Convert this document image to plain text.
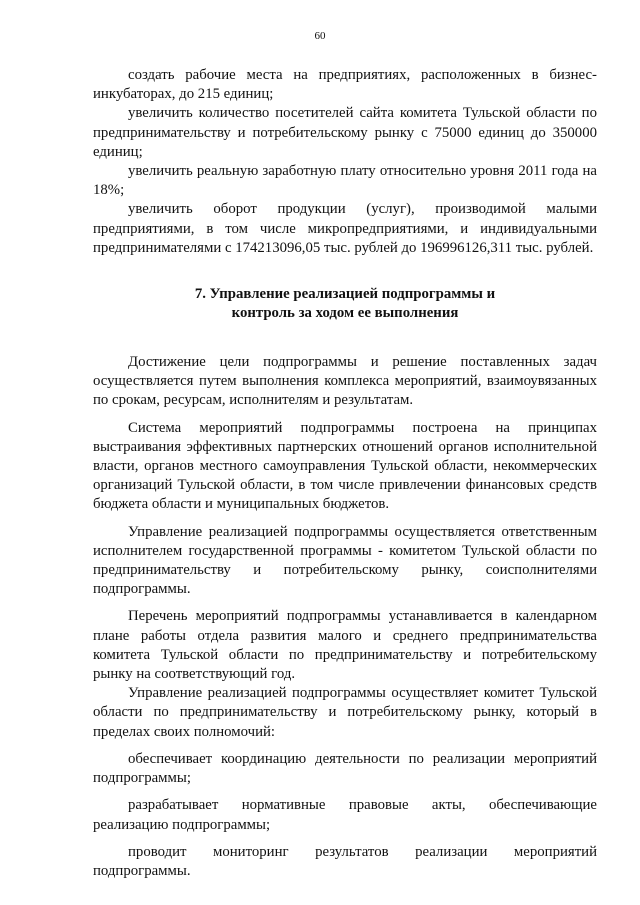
60

создать рабочие места на предприятиях, расположенных в бизнес-инкубаторах, до 215 единиц;

увеличить количество посетителей сайта комитета Тульской области по предпринимательству и потребительскому рынку с 75000 единиц до 350000 единиц;

увеличить реальную заработную плату относительно уровня 2011 года на 18%;

увеличить оборот продукции (услуг), производимой малыми предприятиями, в том числе микропредприятиями, и индивидуальными предпринимателями с 174213096,05 тыс. рублей до 196996126,311 тыс. рублей.

7. Управление реализацией подпрограммы и
контроль за ходом ее выполнения

Достижение цели подпрограммы и решение поставленных задач осуществляется путем выполнения комплекса мероприятий, взаимоувязанных по срокам, ресурсам, исполнителям и результатам.

Система мероприятий подпрограммы построена на принципах выстраивания эффективных партнерских отношений органов исполнительной власти, органов местного самоуправления Тульской области, некоммерческих организаций Тульской области, в том числе привлечении финансовых средств бюджета области и муниципальных бюджетов.

Управление реализацией подпрограммы осуществляется ответственным исполнителем государственной программы - комитетом Тульской области по предпринимательству и потребительскому рынку, соисполнителями подпрограммы.

Перечень мероприятий подпрограммы устанавливается в календарном плане работы отдела развития малого и среднего предпринимательства комитета Тульской области по предпринимательству и потребительскому рынку на соответствующий год.

Управление реализацией подпрограммы осуществляет комитет Тульской области по предпринимательству и потребительскому рынку, который в пределах своих полномочий:

обеспечивает координацию деятельности по реализации мероприятий подпрограммы;

разрабатывает нормативные правовые акты, обеспечивающие реализацию подпрограммы;

проводит мониторинг результатов реализации мероприятий подпрограммы.
